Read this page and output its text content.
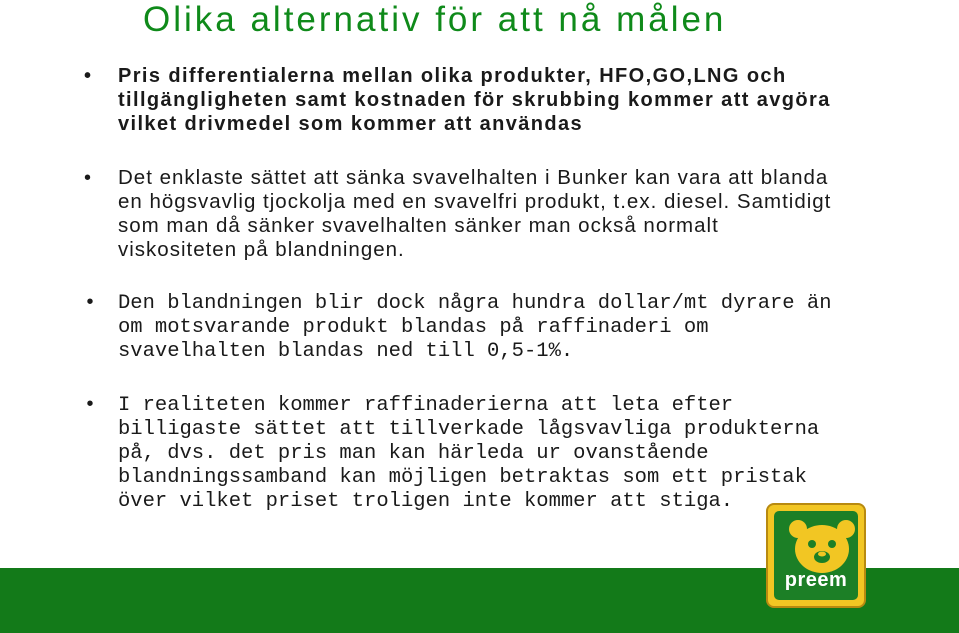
Olika alternativ för att nå målen
• Pris differentialerna mellan olika produkter, HFO,GO,LNG och tillgängligheten samt kostnaden för skrubbing kommer att avgöra vilket drivmedel som kommer att användas
• Det enklaste sättet att sänka svavelhalten i Bunker kan vara att blanda en högsvavlig tjockolja med en svavelfri produkt, t.ex. diesel. Samtidigt som man då sänker svavelhalten sänker man också normalt viskositeten på blandningen.
• Den blandningen blir dock några hundra dollar/mt dyrare än om motsvarande produkt blandas på raffinaderi om svavelhalten blandas ned till 0,5-1%.
• I realiteten kommer raffinaderierna att leta efter billigaste sättet att tillverkade lågsvavliga produkterna på, dvs. det pris man kan härleda ur ovanstående blandningssamband kan möjligen betraktas som ett pristak över vilket priset troligen inte kommer att stiga.
preem
